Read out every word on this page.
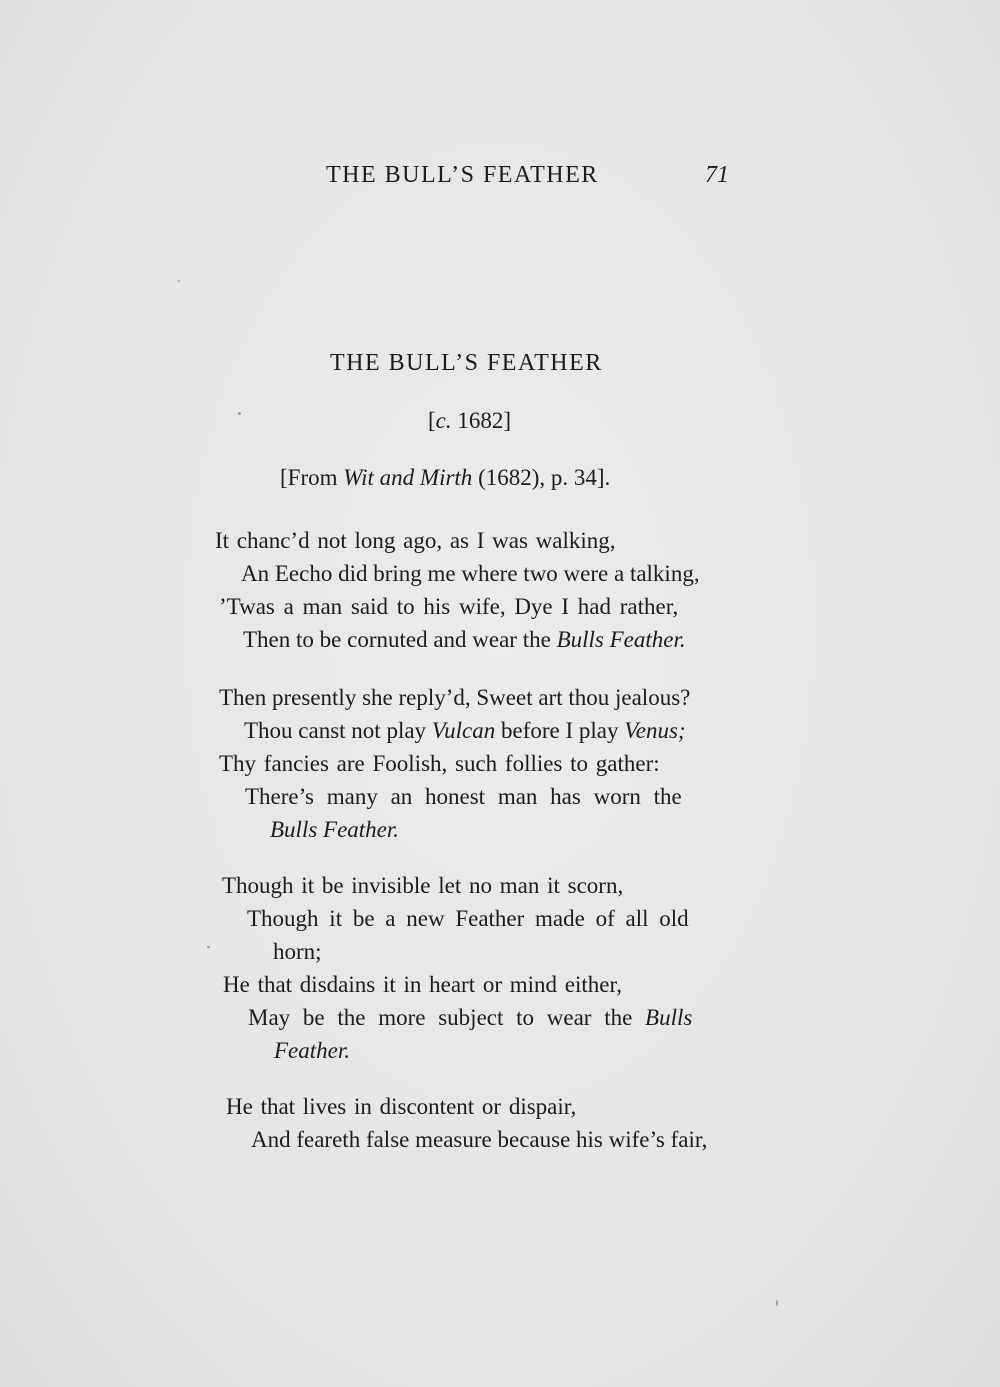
THE BULL’S FEATHER	71
THE BULL’S FEATHER
[c. 1682]
[From Wit and Mirth (1682), p. 34].
It chanc’d not long ago, as I was walking,
An Eecho did bring me where two were a talking,
’Twas a man said to his wife, Dye I had rather,
Then to be cornuted and wear the Bulls Feather.
Then presently she reply’d, Sweet art thou jealous?
Thou canst not play Vulcan before I play Venus;
Thy fancies are Foolish, such follies to gather:
There’s many an honest man has worn the
Bulls Feather.
Though it be invisible let no man it scorn,
Though it be a new Feather made of all old
horn;
He that disdains it in heart or mind either,
May be the more subject to wear the Bulls
Feather.
He that lives in discontent or dispair,
And feareth false measure because his wife’s fair,
